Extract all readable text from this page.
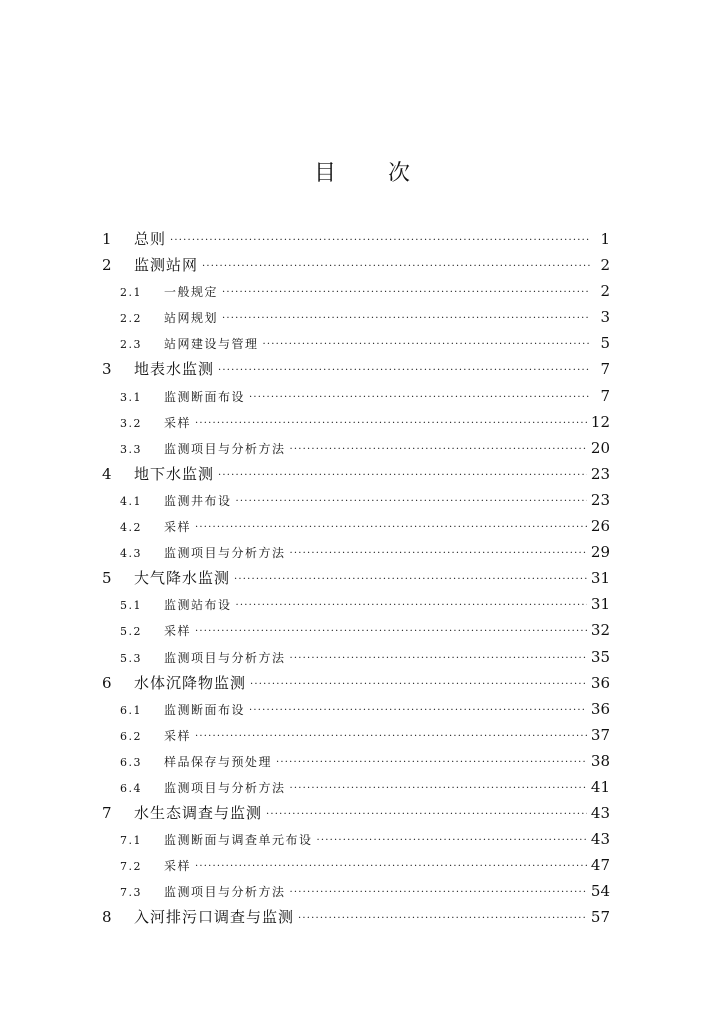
目 次
1	总则 ·····	1
2	监测站网 ·····	2
2.1	一般规定 ·····	2
2.2	站网规划 ·····	3
2.3	站网建设与管理 ·····	5
3	地表水监测 ·····	7
3.1	监测断面布设 ·····	7
3.2	采样 ·····	12
3.3	监测项目与分析方法 ·····	20
4	地下水监测 ·····	23
4.1	监测井布设 ·····	23
4.2	采样 ·····	26
4.3	监测项目与分析方法 ·····	29
5	大气降水监测 ·····	31
5.1	监测站布设 ·····	31
5.2	采样 ·····	32
5.3	监测项目与分析方法 ·····	35
6	水体沉降物监测 ·····	36
6.1	监测断面布设 ·····	36
6.2	采样 ·····	37
6.3	样品保存与预处理 ·····	38
6.4	监测项目与分析方法 ·····	41
7	水生态调查与监测 ·····	43
7.1	监测断面与调查单元布设 ·····	43
7.2	采样 ·····	47
7.3	监测项目与分析方法 ·····	54
8	入河排污口调查与监测 ·····	57
